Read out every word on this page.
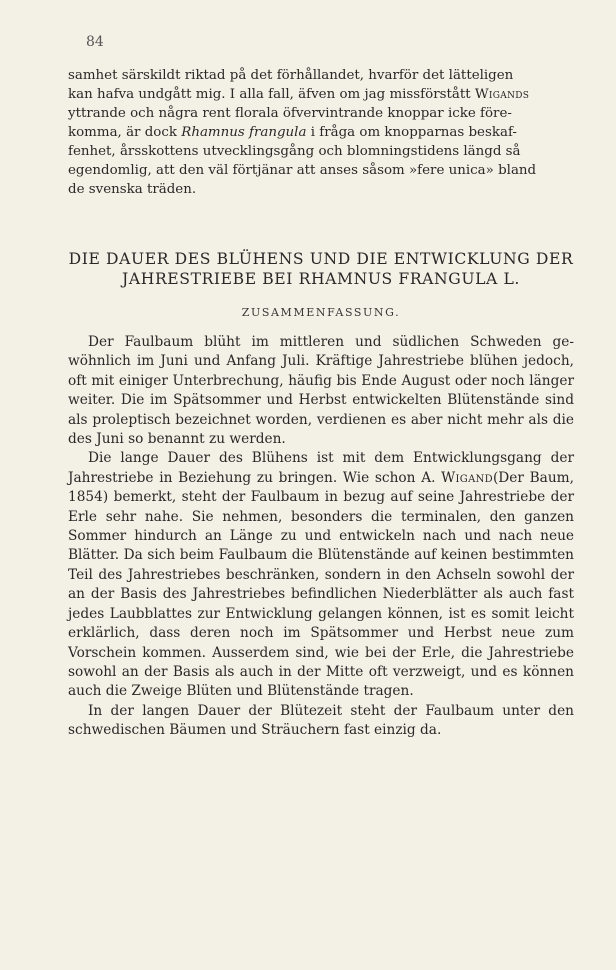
84

samhet särskildt riktad på det förhållandet, hvarför det lätteligen

kan hafva undgått mig. I alla fall, äfven om jag missförstått Wigands

yttrande och några rent florala öfvervintrande knoppar icke före-

komma, är dock Rhamnus frangula i fråga om knopparnas beskaf-

fenhet, årsskottens utvecklingsgång och blomningstidens längd så

egendomlig, att den väl förtjänar att anses såsom »fere unica» bland

de svenska träden.

DIE DAUER DES BLÜHENS UND DIE ENTWICKLUNG DER
JAHRESTRIEBE BEI RHAMNUS FRANGULA L.
ZUSAMMENFASSUNG.

Der Faulbaum blüht im mittleren und südlichen Schweden gewöhnlich im Juni und Anfang Juli. Kräftige Jahrestriebe blühen jedoch, oft mit einiger Unterbrechung, häufig bis Ende August oder noch länger weiter. Die im Spätsommer und Herbst entwickelten Blütenstände sind als proleptisch bezeichnet worden, verdienen es aber nicht mehr als die des Juni so benannt zu werden.

Die lange Dauer des Blühens ist mit dem Entwicklungsgang der Jahrestriebe in Beziehung zu bringen. Wie schon A. Wigand(Der Baum, 1854) bemerkt, steht der Faulbaum in bezug auf seine Jahrestriebe der Erle sehr nahe. Sie nehmen, besonders die terminalen, den ganzen Sommer hindurch an Länge zu und entwickeln nach und nach neue Blätter. Da sich beim Faulbaum die Blütenstände auf keinen bestimmten Teil des Jahrestriebes beschränken, sondern in den Achseln sowohl der an der Basis des Jahrestriebes befindlichen Niederblätter als auch fast jedes Laubblattes zur Entwicklung gelangen können, ist es somit leicht erklärlich, dass deren noch im Spätsommer und Herbst neue zum Vorschein kommen. Ausserdem sind, wie bei der Erle, die Jahrestriebe sowohl an der Basis als auch in der Mitte oft verzweigt, und es können auch die Zweige Blüten und Blütenstände tragen.

In der langen Dauer der Blütezeit steht der Faulbaum unter den schwedischen Bäumen und Sträuchern fast einzig da.
